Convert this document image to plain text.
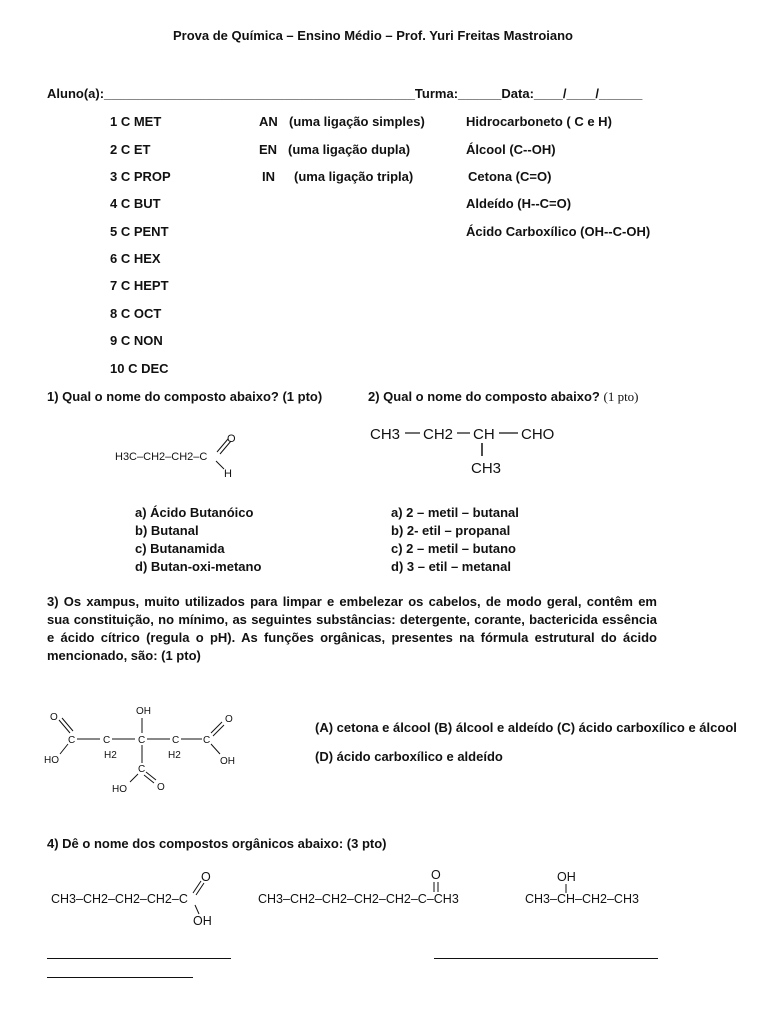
Prova de Química – Ensino Médio – Prof. Yuri Freitas Mastroiano
Aluno(a):___________________________________________Turma:______Data:____/____/______
1 C MET
2 C ET
3 C PROP
4 C BUT
5 C PENT
6 C HEX
7 C HEPT
8 C OCT
9 C NON
10 C DEC
AN (uma ligação simples)
EN (uma ligação dupla)
IN (uma ligação tripla)
Hidrocarboneto ( C e H)
Álcool (C--OH)
Cetona (C=O)
Aldeído (H--C=O)
Ácido Carboxílico (OH--C-OH)
1) Qual o nome do composto abaixo? (1 pto)
H3C–CH2–CH2–C
O
H
a) Ácido Butanóico
b) Butanal
c) Butanamida
d) Butan-oxi-metano
2) Qual o nome do composto abaixo? (1 pto)
CH3 CH2 CH CHO
CH3
a) 2 – metil – butanal
b) 2- etil – propanal
c) 2 – metil – butano
d) 3 – etil – metanal
3) Os xampus, muito utilizados para limpar e embelezar os cabelos, de modo geral, contêm em sua constituição, no mínimo, as seguintes substâncias: detergente, corante, bactericida essência e ácido cítrico (regula o pH). As funções orgânicas, presentes na fórmula estrutural do ácido mencionado, são: (1 pto)
O
C
HO
C
H2
C
OH
C
H2
C
O
OH
C
O
HO
(A) cetona e álcool (B) álcool e aldeído (C) ácido carboxílico e álcool
(D) ácido carboxílico e aldeído
4) Dê o nome dos compostos orgânicos abaixo: (3 pto)
CH3–CH2–CH2–CH2–C
O
OH
CH3–CH2–CH2–CH2–CH2–C–CH3
O
CH3–CH–CH2–CH3
OH
